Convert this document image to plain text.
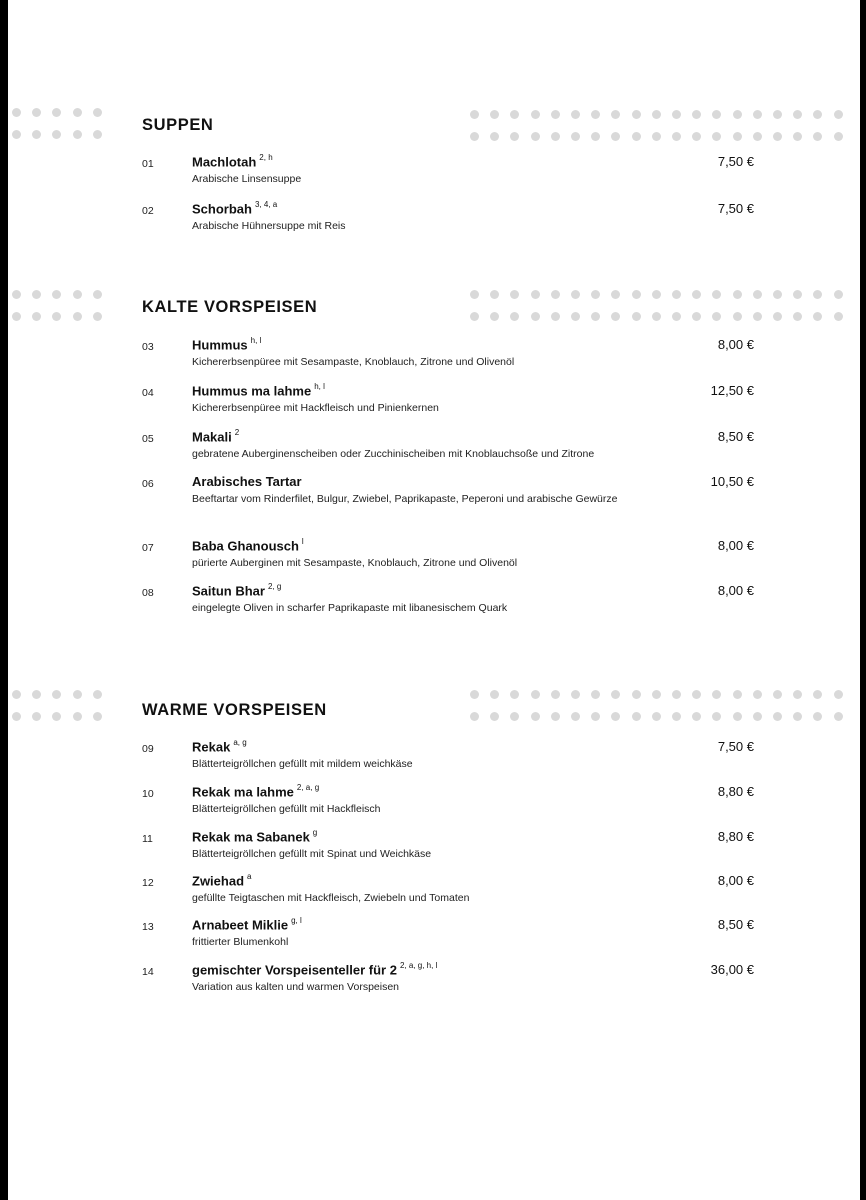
SUPPEN
01	Machlotah $^{2, h}$
Arabische Linsensuppe
7,50 €
02	Schorbah $^{3, 4, a}$
Arabische Hühnersuppe mit Reis
7,50 €
KALTE VORSPEISEN
03	Hummus $^{h, l}$
Kichererbsenpüree mit Sesampaste, Knoblauch, Zitrone und Olivenöl
8,00 €
04	Hummus ma lahme $^{h, l}$
Kichererbsenpüree mit Hackfleisch und Pinienkernen
12,50 €
05	Makali $^2$
gebratene Auberginenscheiben oder Zucchinischeiben mit Knoblauchsoße und Zitrone
8,50 €
06	Arabisches Tartar
Beeftartar vom Rinderfilet, Bulgur, Zwiebel, Paprikapaste, Peperoni und arabische Gewürze
10,50 €
07	Baba Ghanousch $^l$
pürierte Auberginen mit Sesampaste, Knoblauch, Zitrone und Olivenöl
8,00 €
08	Saitun Bhar $^{2, g}$
eingelegte Oliven in scharfer Paprikapaste mit libanesischem Quark
8,00 €
WARME VORSPEISEN
09	Rekak $^{a, g}$
Blätterteigröllchen gefüllt mit mildem weichkäse
7,50 €
10	Rekak ma lahme $^{2, a, g}$
Blätterteigröllchen gefüllt mit Hackfleisch
8,80 €
11	Rekak ma Sabanek $^g$
Blätterteigröllchen gefüllt mit Spinat und Weichkäse
8,80 €
12	Zwiehad $^a$
gefüllte Teigtaschen mit Hackfleisch, Zwiebeln und Tomaten
8,00 €
13	Arnabeet Miklie $^{g, l}$
frittierter Blumenkohl
8,50 €
14	gemischter Vorspeisenteller für 2 $^{2, a, g, h, l}$
Variation aus kalten und warmen Vorspeisen
36,00 €
